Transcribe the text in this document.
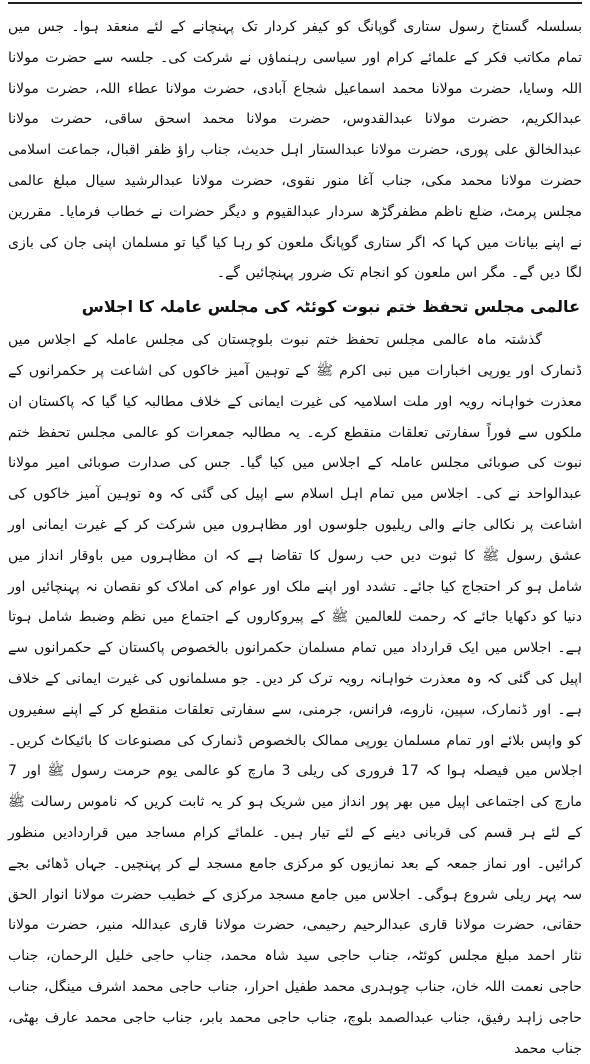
بسلسلہ گستاخ رسول ستاری گوپانگ کو کیفر کردار تک پہنچانے کے لئے منعقد ہوا۔ جس میں تمام مکاتب فکر کے علمائے کرام اور سیاسی رہنماؤں نے شرکت کی۔ جلسہ سے حضرت مولانا اللہ وسایا، حضرت مولانا محمد اسماعیل شجاع آبادی، حضرت مولانا عطاء اللہ، حضرت مولانا عبدالکریم، حضرت مولانا عبدالقدوس، حضرت مولانا محمد اسحق ساقی، حضرت مولانا عبدالخالق علی پوری، حضرت مولانا عبدالستار اہل حدیث، جناب راؤ ظفر اقبال، جماعت اسلامی حضرت مولانا محمد مکی، جناب آغا منور نقوی، حضرت مولانا عبدالرشید سیال مبلغ عالمی مجلس پرمٹ، ضلع ناظم مظفرگڑھ سردار عبدالقیوم و دیگر حضرات نے خطاب فرمایا۔ مقررین نے اپنے بیانات میں کہا کہ اگر ستاری گوپانگ ملعون کو رہا کیا گیا تو مسلمان اپنی جان کی بازی لگا دیں گے۔ مگر اس ملعون کو انجام تک ضرور پہنچائیں گے۔

عالمی مجلس تحفظ ختم نبوت کوئٹہ کی مجلس عاملہ کا اجلاس

گذشتہ ماہ عالمی مجلس تحفظ ختم نبوت بلوچستان کی مجلس عاملہ کے اجلاس میں ڈنمارک اور یورپی اخبارات میں نبی اکرم ﷺ کے توہین آمیز خاکوں کی اشاعت پر حکمرانوں کے معذرت خواہانہ رویہ اور ملت اسلامیہ کی غیرت ایمانی کے خلاف مطالبہ کیا گیا کہ پاکستان ان ملکوں سے فوراً سفارتی تعلقات منقطع کرے۔ یہ مطالبہ جمعرات کو عالمی مجلس تحفظ ختم نبوت کی صوبائی مجلس عاملہ کے اجلاس میں کیا گیا۔ جس کی صدارت صوبائی امیر مولانا عبدالواحد نے کی۔ اجلاس میں تمام اہل اسلام سے اپیل کی گئی کہ وہ توہین آمیز خاکوں کی اشاعت پر نکالی جانے والی ریلیوں جلوسوں اور مظاہروں میں شرکت کر کے غیرت ایمانی اور عشق رسول ﷺ کا ثبوت دیں حب رسول کا تقاضا ہے کہ ان مظاہروں میں باوقار انداز میں شامل ہو کر احتجاج کیا جائے۔ تشدد اور اپنے ملک اور عوام کی املاک کو نقصان نہ پہنچائیں اور دنیا کو دکھایا جائے کہ رحمت للعالمین ﷺ کے پیروکاروں کے اجتماع میں نظم وضبط شامل ہوتا ہے۔ اجلاس میں ایک قرارداد میں تمام مسلمان حکمرانوں بالخصوص پاکستان کے حکمرانوں سے اپیل کی گئی کہ وہ معذرت خواہانہ رویہ ترک کر دیں۔ جو مسلمانوں کی غیرت ایمانی کے خلاف ہے۔ اور ڈنمارک، سپین، ناروے، فرانس، جرمنی، سے سفارتی تعلقات منقطع کر کے اپنے سفیروں کو واپس بلائے اور تمام مسلمان یورپی ممالک بالخصوص ڈنمارک کی مصنوعات کا بائیکاٹ کریں۔ اجلاس میں فیصلہ ہوا کہ 17 فروری کی ریلی 3 مارچ کو عالمی یوم حرمت رسول ﷺ اور 7 مارچ کی اجتماعی اپیل میں بھر پور انداز میں شریک ہو کر یہ ثابت کریں کہ ناموس رسالت ﷺ کے لئے ہر قسم کی قربانی دینے کے لئے تیار ہیں۔ علمائے کرام مساجد میں قراردادیں منظور کرائیں۔ اور نماز جمعہ کے بعد نمازیوں کو مرکزی جامع مسجد لے کر پہنچیں۔ جہاں ڈھائی بجے سہ پہر ریلی شروع ہوگی۔ اجلاس میں جامع مسجد مرکزی کے خطیب حضرت مولانا انوار الحق حقانی، حضرت مولانا قاری عبدالرحیم رحیمی، حضرت مولانا قاری عبداللہ منیر، حضرت مولانا نثار احمد مبلغ مجلس کوئٹہ، جناب حاجی سید شاہ محمد، جناب حاجی خلیل الرحمان، جناب حاجی نعمت اللہ خان، جناب چوہدری محمد طفیل احرار، جناب حاجی محمد اشرف مینگل، جناب حاجی زاہد رفیق، جناب عبدالصمد بلوچ، جناب حاجی محمد بابر، جناب حاجی محمد عارف بھٹی، جناب محمد
